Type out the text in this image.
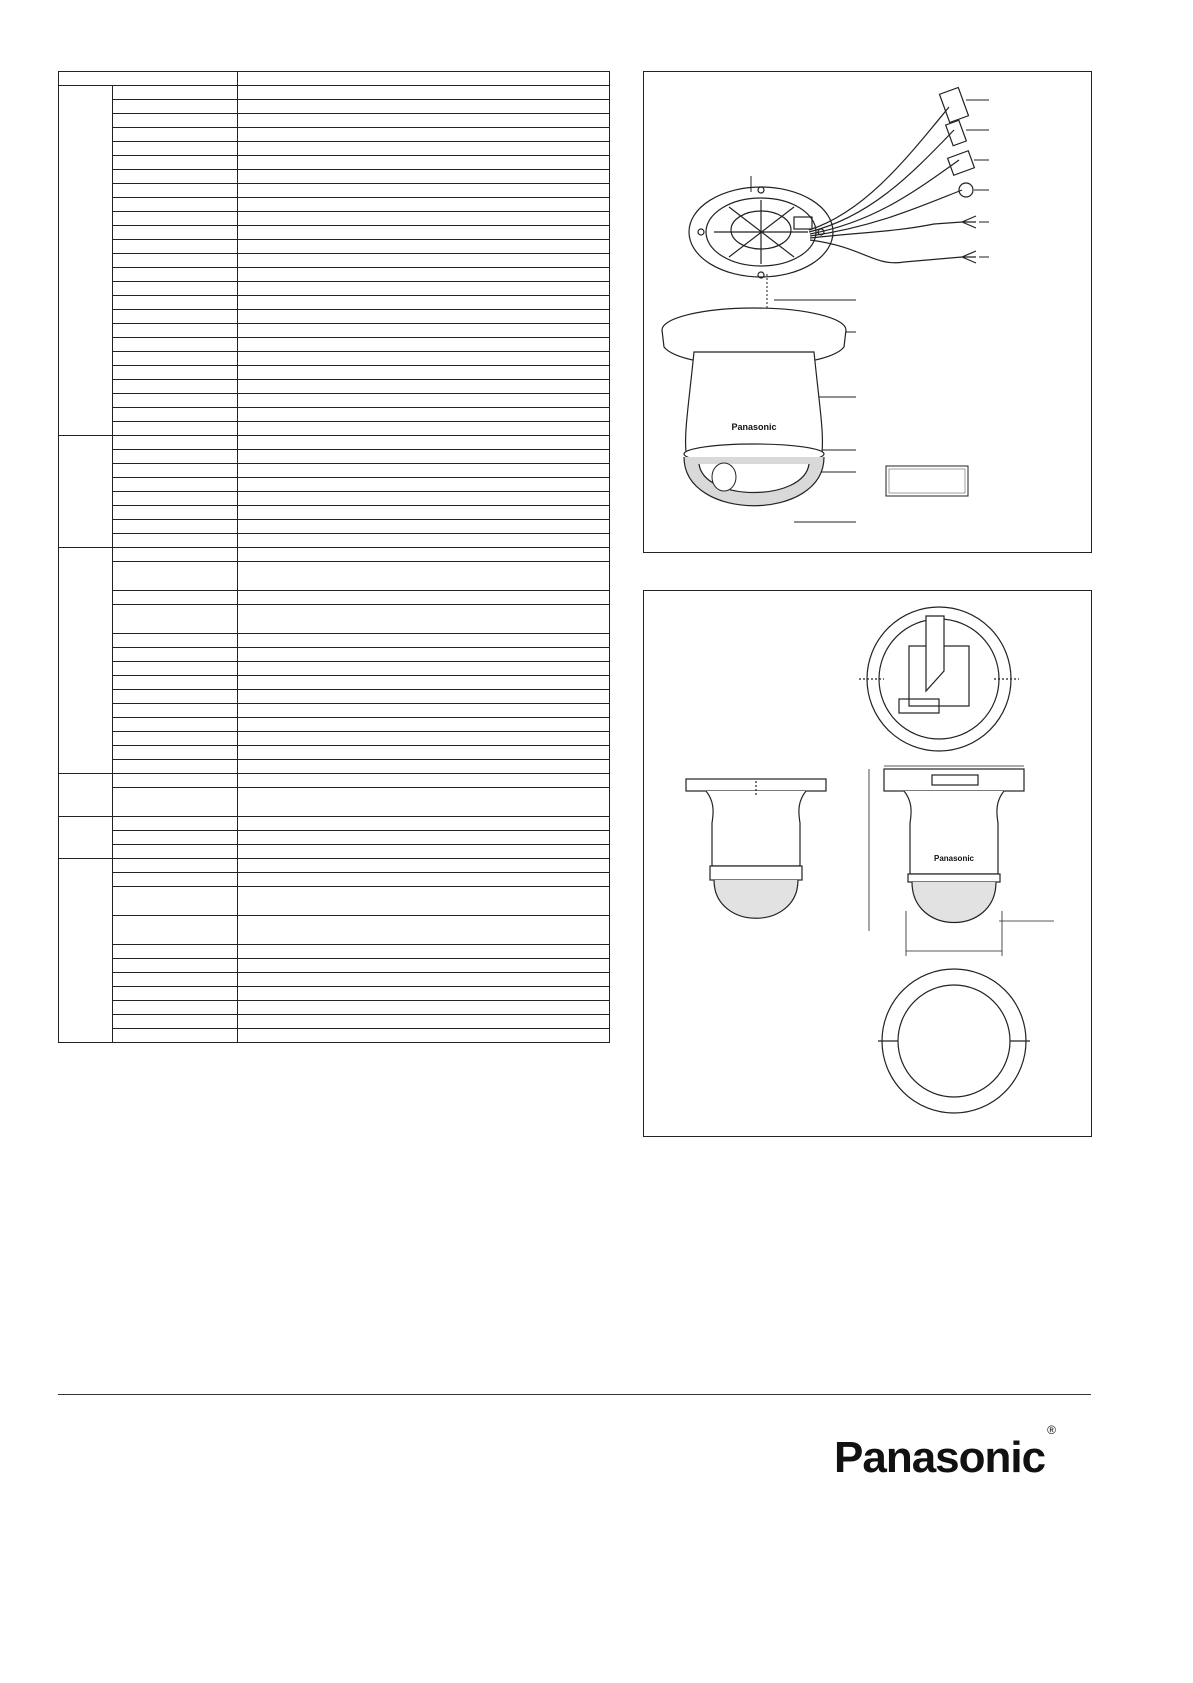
Panasonic
Panasonic
Panasonic®
